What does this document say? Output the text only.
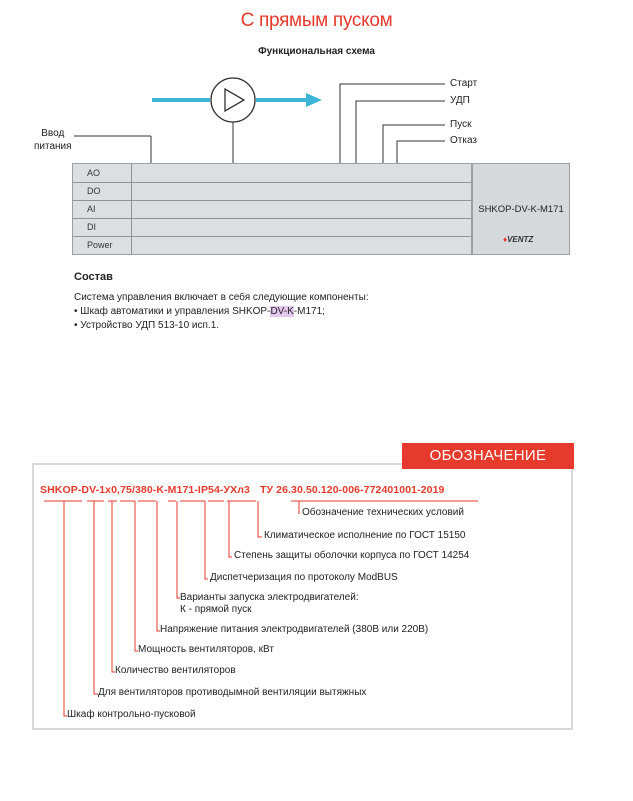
С прямым пуском
Функциональная схема
Ввод
питания
Старт
УДП
Пуск
Отказ
AO
DO
AI
DI
Power
SHKOP-DV-K-M171
♦VENTZ
Состав
Система управления включает в себя следующие компоненты:
• Шкаф автоматики и управления SHKOP-DV-K-M171;
• Устройство УДП 513-10 исп.1.
ОБОЗНАЧЕНИЕ
SHKOP-DV-1x0,75/380-K-M171-IP54-УХл3 ТУ 26.30.50.120-006-772401001-2019
Обозначение технических условий
Климатическое исполнение по ГОСТ 15150
Степень защиты оболочки корпуса по ГОСТ 14254
Диспетчеризация по протоколу ModBUS
Варианты запуска электродвигателей:
К - прямой пуск
Напряжение питания электродвигателей (380В или 220В)
Мощность вентиляторов, кВт
Количество вентиляторов
Для вентиляторов противодымной вентиляции вытяжных
Шкаф контрольно-пусковой
